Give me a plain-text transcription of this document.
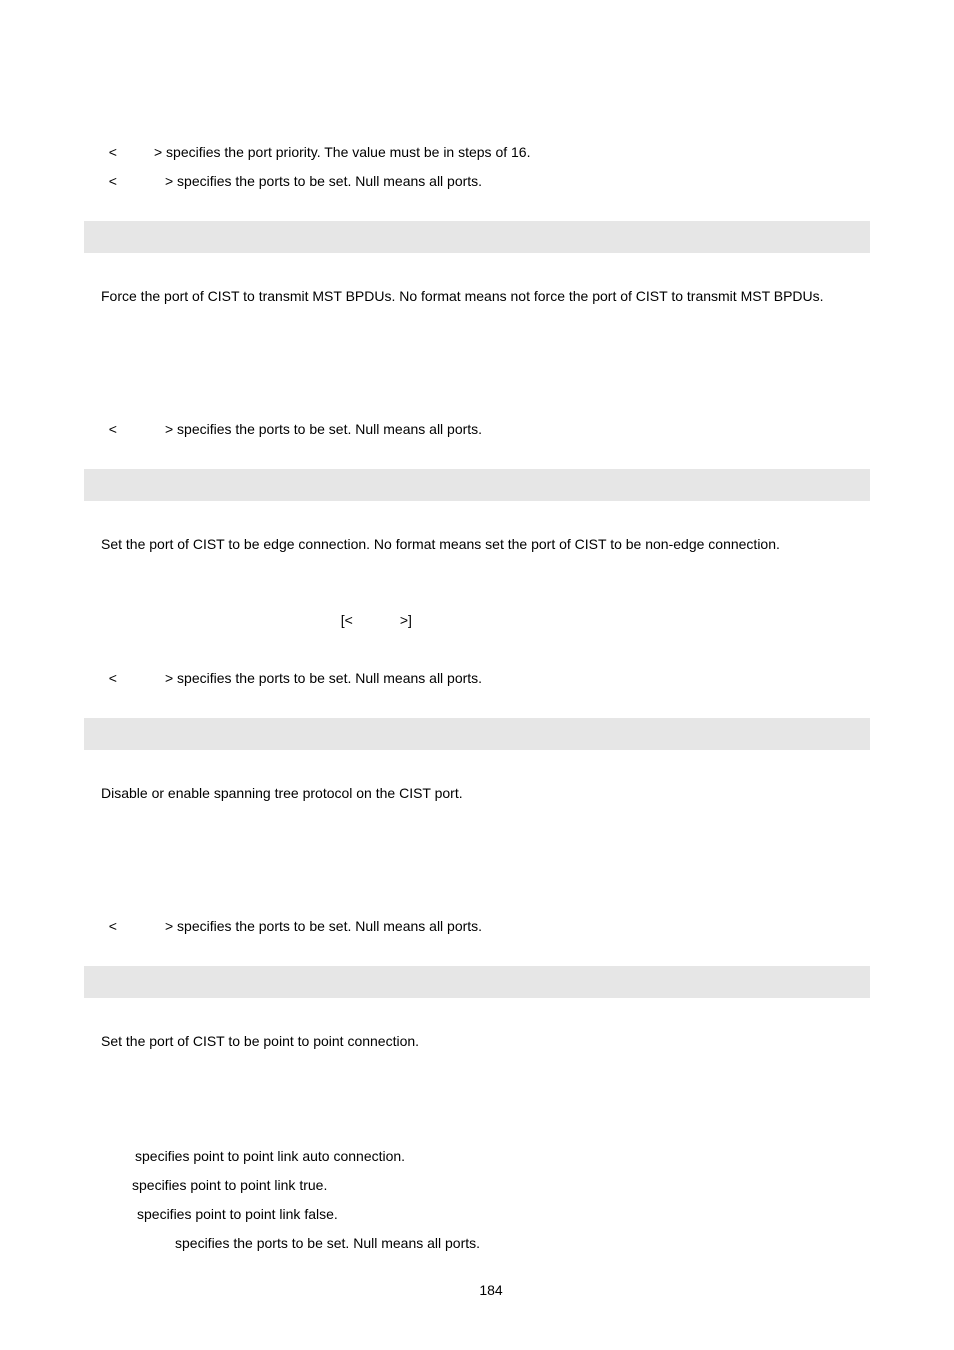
<	> specifies the port priority. The value must be in steps of 16.

<	> specifies the ports to be set. Null means all ports.

Force the port of CIST to transmit MST BPDUs. No format means not force the port of CIST to transmit MST BPDUs.

<	> specifies the ports to be set. Null means all ports.

Set the port of CIST to be edge connection. No format means set the port of CIST to be non-edge connection.

[<	>]

<	> specifies the ports to be set. Null means all ports.

Disable or enable spanning tree protocol on the CIST port.

<	> specifies the ports to be set. Null means all ports.

Set the port of CIST to be point to point connection.
specifies point to point link auto connection.
specifies point to point link true.
specifies point to point link false.
specifies the ports to be set. Null means all ports.
184
